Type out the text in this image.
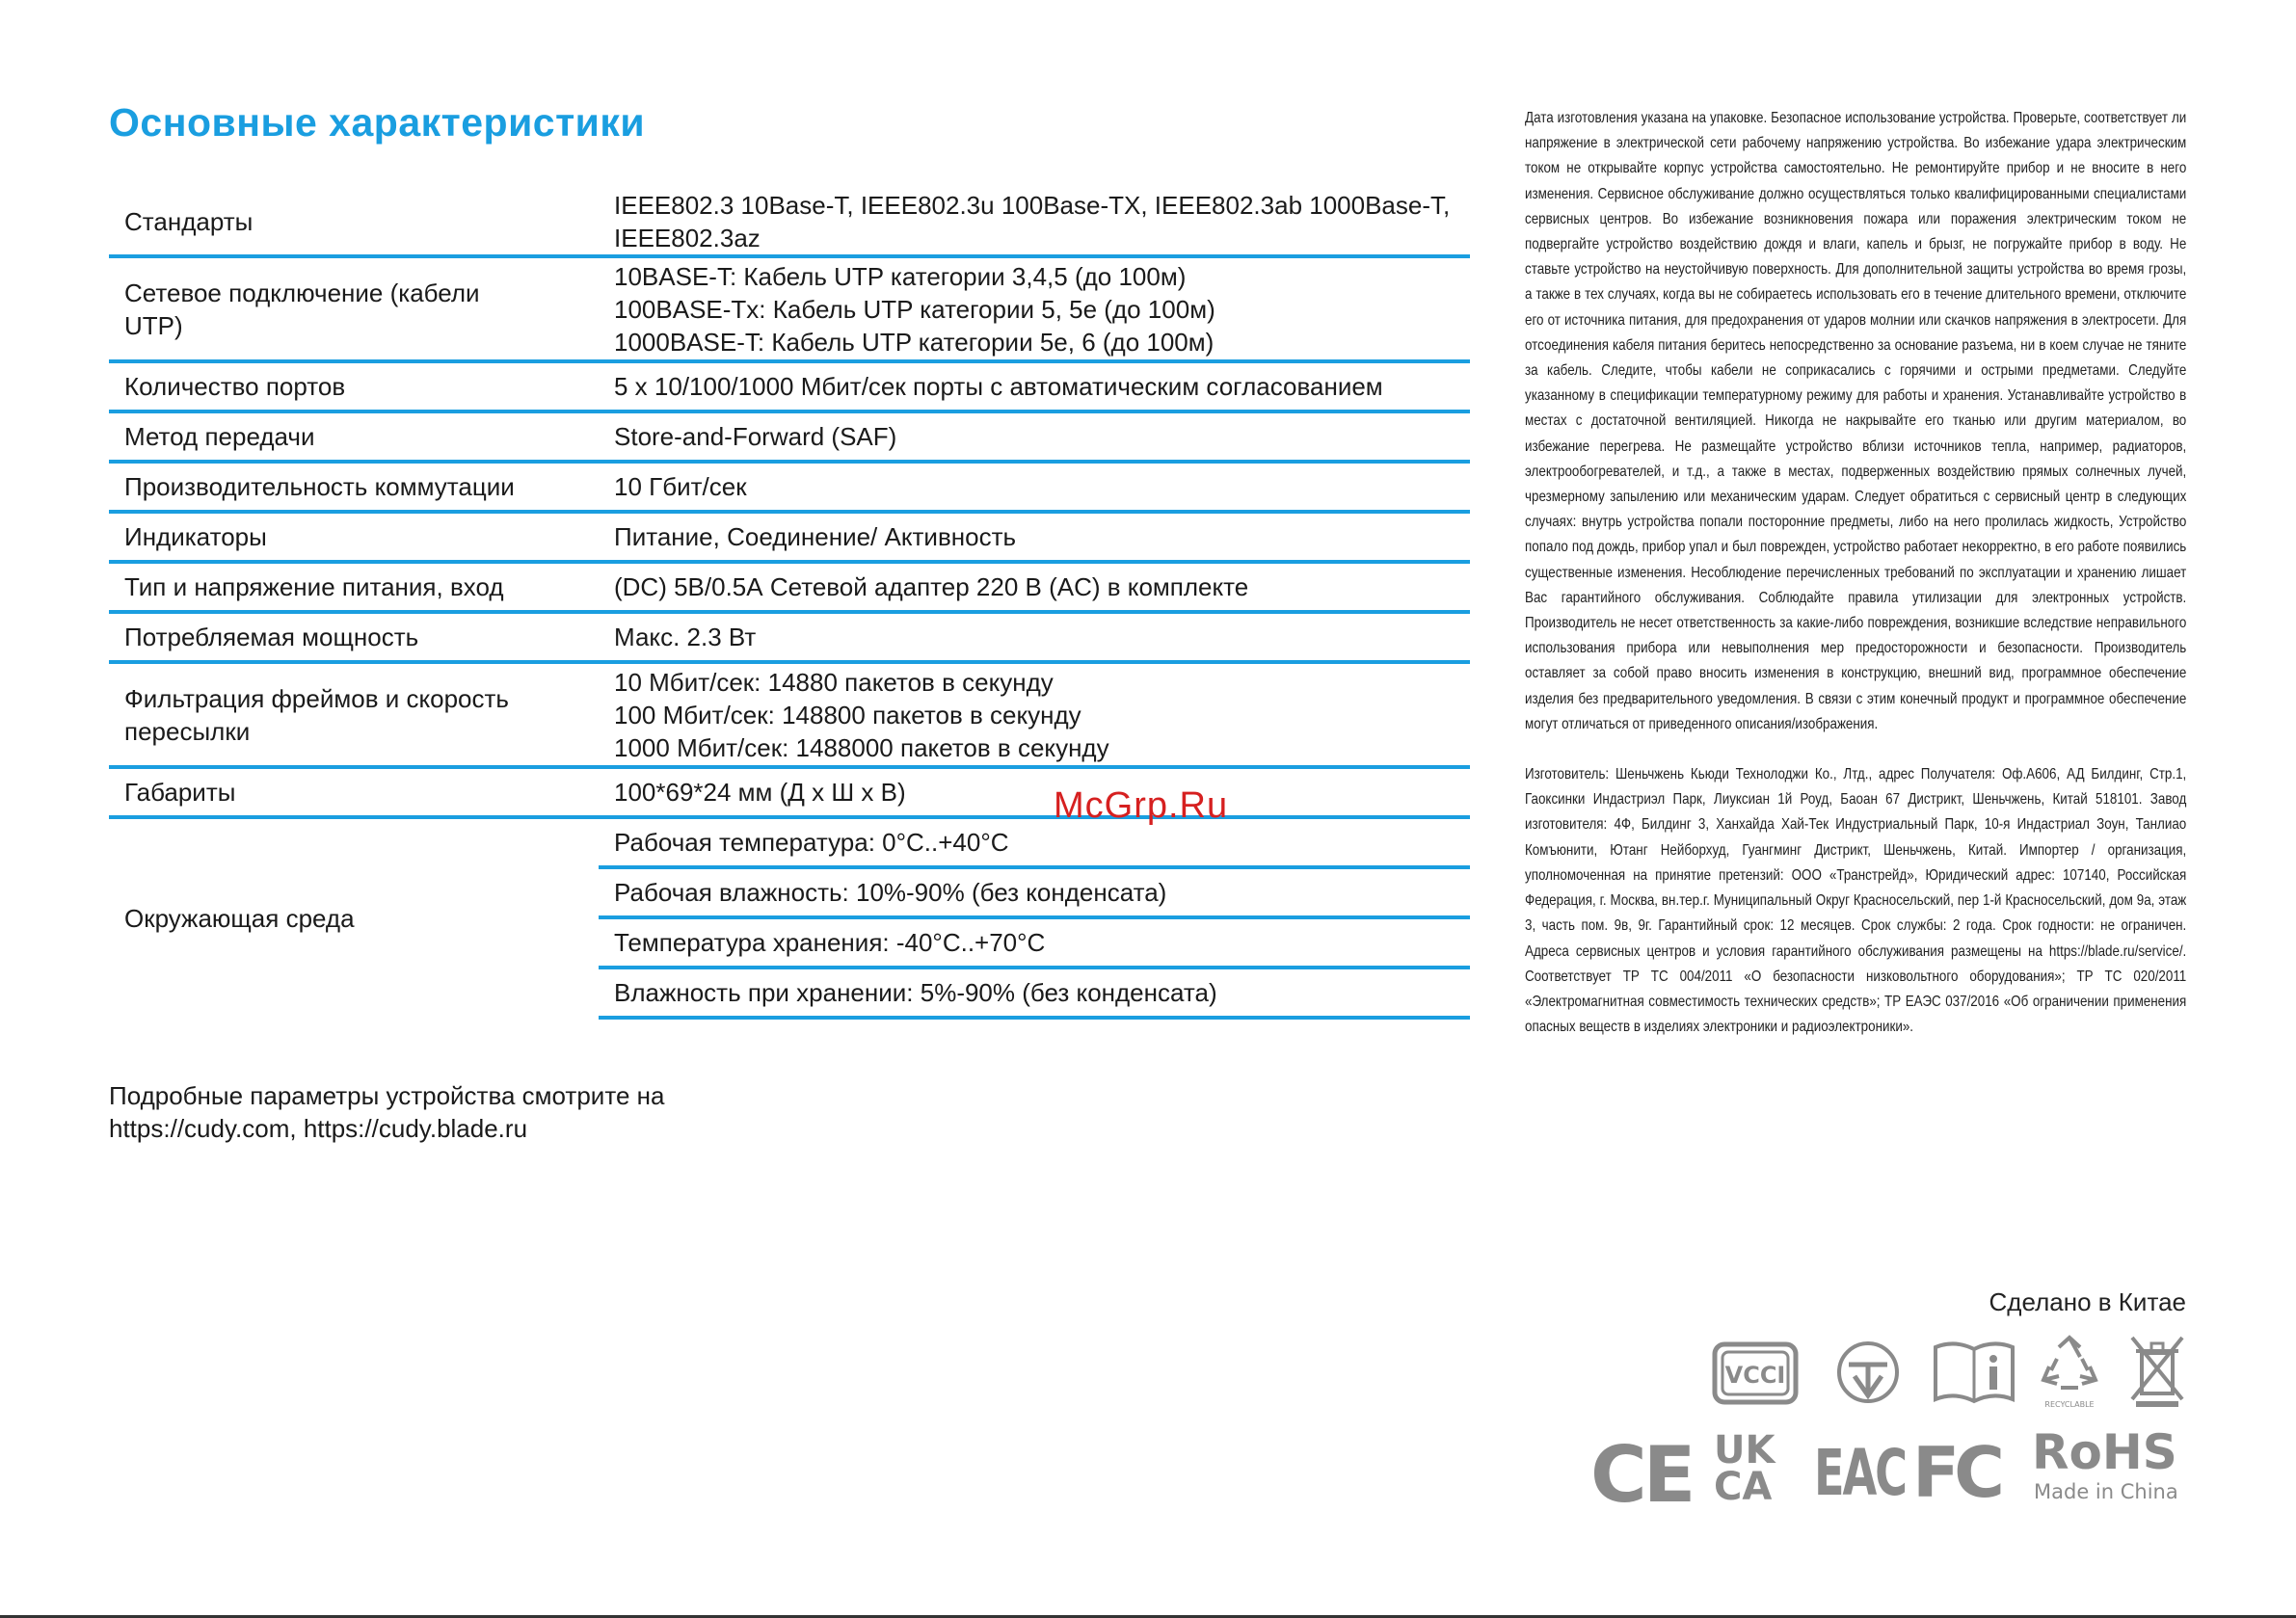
Основные характеристики
Стандарты	IEEE802.3 10Base-T, IEEE802.3u 100Base-TX, IEEE802.3ab 1000Base-T,
IEEE802.3az

Сетевое подключение (кабели
UTP)	10BASE-T: Кабель UTP категории 3,4,5 (до 100м)
100BASE-Tx: Кабель UTP категории 5, 5e (до 100м)
1000BASE-T: Кабель UTP категории 5e, 6 (до 100м)

Количество портов	5 x 10/100/1000 Мбит/сек порты с автоматическим согласованием

Метод передачи	Store-and-Forward (SAF)

Производительность коммутации	10 Гбит/сек

Индикаторы	Питание, Соединение/ Активность

Тип и напряжение питания, вход	(DC) 5В/0.5А Сетевой адаптер 220 В (AC) в комплекте

Потребляемая мощность	Макс. 2.3 Вт

Фильтрация фреймов и скорость
пересылки	10 Мбит/сек: 14880 пакетов в секунду
100 Мбит/сек: 148800 пакетов в секунду
1000 Мбит/сек: 1488000 пакетов в секунду

Габариты	100*69*24 мм (Д x Ш x В)

Окружающая среда	Рабочая температура: 0°C..+40°C
	Рабочая влажность: 10%-90% (без конденсата)
	Температура хранения: -40°C..+70°C
	Влажность при хранении: 5%-90% (без конденсата)
Подробные параметры устройства смотрите на
https://cudy.com, https://cudy.blade.ru
McGrp.Ru

Дата изготовления указана на упаковке. Безопасное использование устройства. Проверьте, соответствует ли напряжение в электрической сети рабочему напряжению устройства. Во избежание удара электрическим током не открывайте корпус устройства самостоятельно. Не ремонтируйте прибор и не вносите в него изменения. Сервисное обслуживание должно осуществляться только квалифицированными специалистами сервисных центров. Во избежание возникновения пожара или поражения электрическим током не подвергайте устройство воздействию дождя и влаги, капель и брызг, не погружайте прибор в воду. Не ставьте устройство на неустойчивую поверхность. Для дополнительной защиты устройства во время грозы, а также в тех случаях, когда вы не собираетесь использовать его в течение длительного времени, отключите его от источника питания, для предохранения от ударов молнии или скачков напряжения в электросети. Для отсоединения кабеля питания беритесь непосредственно за основание разъема, ни в коем случае не тяните за кабель. Следите, чтобы кабели не соприкасались с горячими и острыми предметами. Следуйте указанному в спецификации температурному режиму для работы и хранения. Устанавливайте устройство в местах с достаточной вентиляцией. Никогда не накрывайте его тканью или другим материалом, во избежание перегрева. Не размещайте устройство вблизи источников тепла, например, радиаторов, электрообогревателей, и т.д., а также в местах, подверженных воздействию прямых солнечных лучей, чрезмерному запылению или механическим ударам. Следует обратиться с сервисный центр в следующих случаях: внутрь устройства попали посторонние предметы, либо на него пролилась жидкость, Устройство попало под дождь, прибор упал и был поврежден, устройство работает некорректно, в его работе появились существенные изменения. Несоблюдение перечисленных требований по эксплуатации и хранению лишает Вас гарантийного обслуживания. Соблюдайте правила утилизации для электронных устройств. Производитель не несет ответственность за какие-либо повреждения, возникшие вследствие неправильного использования прибора или невыполнения мер предосторожности и безопасности. Производитель оставляет за собой право вносить изменения в конструкцию, внешний вид, программное обеспечение изделия без предварительного уведомления. В связи с этим конечный продукт и программное обеспечение могут отличаться от приведенного описания/изображения.

Изготовитель: Шеньчжень Кьюди Технолоджи Ко., Лтд., адрес Получателя: Оф.А606, АД Билдинг, Стр.1, Гаоксинки Индастриэл Парк, Лиуксиан 1й Роуд, Баоан 67 Дистрикт, Шеньчжень, Китай 518101. Завод изготовителя: 4Ф, Билдинг 3, Ханхайда Хай-Тек Индустриальный Парк, 10-я Индастриал Зоун, Танлиао Комъюнити, Ютанг Нейборхуд, Гуангминг Дистрикт, Шеньчжень, Китай. Импортер / организация, уполномоченная на принятие претензий: ООО «Транстрейд», Юридический адрес: 107140, Российская Федерация, г. Москва, вн.тер.г. Муниципальный Округ Красносельский, пер 1-й Красносельский, дом 9а, этаж 3, часть пом. 9в, 9г. Гарантийный срок: 12 месяцев. Срок службы: 2 года. Срок годности: не ограничен. Адреса сервисных центров и условия гарантийного обслуживания размещены на https://blade.ru/service/. Соответствует ТР ТС 004/2011 «О безопасности низковольтного оборудования»; ТР ТС 020/2011 «Электромагнитная совместимость технических средств»; ТР ЕАЭС 037/2016 «Об ограничении применения опасных веществ в изделиях электроники и радиоэлектроники».

Сделано в Китае
VCCI
RECYCLABLE
CE UK
CA EAC FC RoHS
Made in China
